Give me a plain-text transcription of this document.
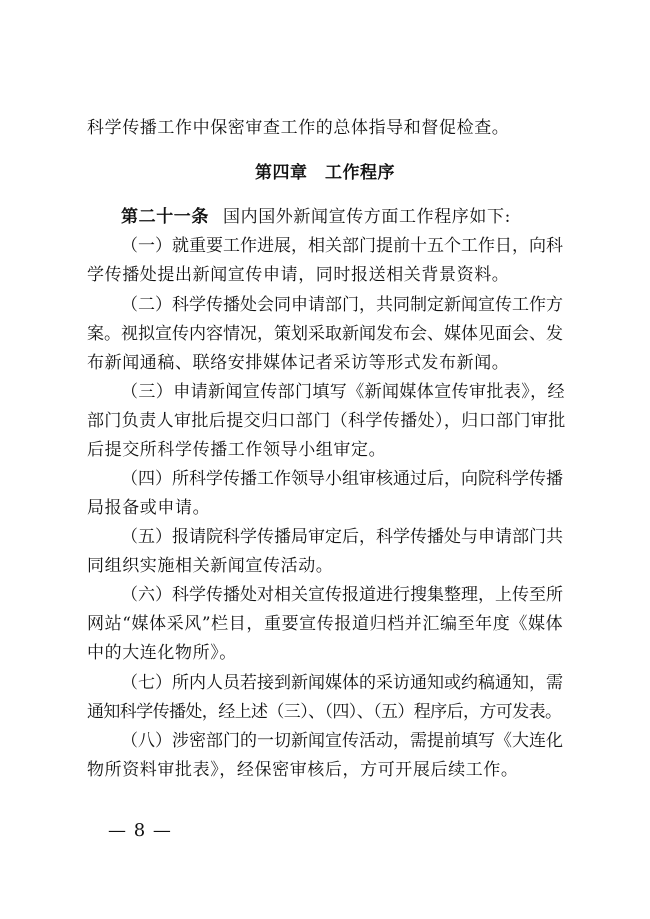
科学传播工作中保密审查工作的总体指导和督促检查。
第四章　工作程序
第二十一条 国内国外新闻宣传方面工作程序如下:
（一）就重要工作进展，相关部门提前十五个工作日，向科
学传播处提出新闻宣传申请，同时报送相关背景资料。
（二）科学传播处会同申请部门，共同制定新闻宣传工作方
案。视拟宣传内容情况，策划采取新闻发布会、媒体见面会、发
布新闻通稿、联络安排媒体记者采访等形式发布新闻。
（三）申请新闻宣传部门填写《新闻媒体宣传审批表》，经
部门负责人审批后提交归口部门（科学传播处），归口部门审批
后提交所科学传播工作领导小组审定。
（四）所科学传播工作领导小组审核通过后，向院科学传播
局报备或申请。
（五）报请院科学传播局审定后，科学传播处与申请部门共
同组织实施相关新闻宣传活动。
（六）科学传播处对相关宣传报道进行搜集整理，上传至所
网站“媒体采风”栏目，重要宣传报道归档并汇编至年度《媒体
中的大连化物所》。
（七）所内人员若接到新闻媒体的采访通知或约稿通知，需
通知科学传播处，经上述（三）、（四）、（五）程序后，方可发表。
（八）涉密部门的一切新闻宣传活动，需提前填写《大连化
物所资料审批表》，经保密审核后，方可开展后续工作。
— 8 —
